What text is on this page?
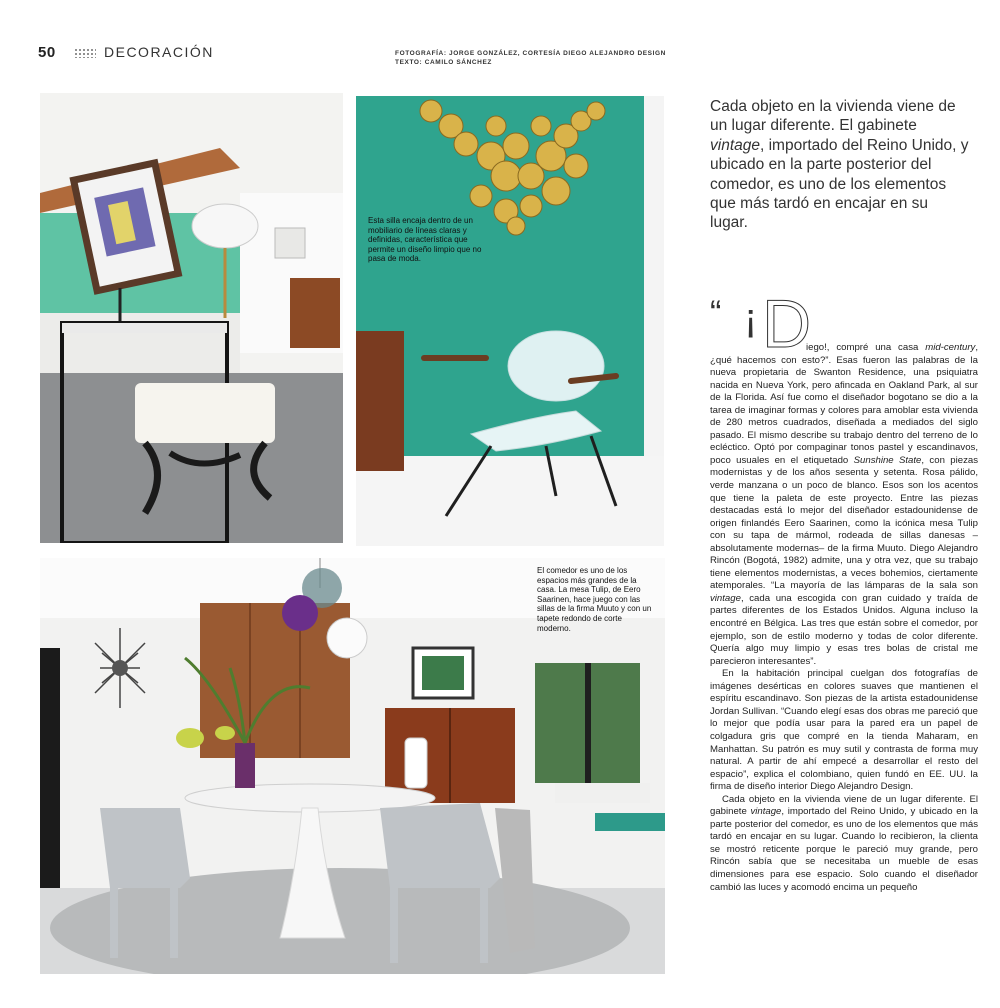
50	DECORACIÓN	FOTOGRAFÍA: JORGE GONZÁLEZ, CORTESÍA DIEGO ALEJANDRO DESIGN
TEXTO: CAMILO SÁNCHEZ
Esta silla encaja dentro de un mobiliario de líneas claras y definidas, característica que permite un diseño limpio que no pasa de moda.
El comedor es uno de los espacios más grandes de la casa. La mesa Tulip, de Eero Saarinen, hace juego con las sillas de la firma Muuto y con un tapete redondo de corte moderno.
Cada objeto en la vivienda viene de un lugar diferente. El gabinete vintage, importado del Reino Unido, y ubicado en la parte posterior del comedor, es uno de los elementos que más tardó en encajar en su lugar.
“ ¡ D

iego!, compré una casa mid-century, ¿qué hacemos con esto?”. Esas fueron las palabras de la nueva propietaria de Swanton Residence, una psiquiatra nacida en Nueva York, pero afincada en Oakland Park, al sur de la Florida. Así fue como el diseñador bogotano se dio a la tarea de imaginar formas y colores para amoblar esta vivienda de 280 metros cuadrados, diseñada a mediados del siglo pasado. El mismo describe su trabajo dentro del terreno de lo ecléctico. Optó por compaginar tonos pastel y escandinavos, poco usuales en el etiquetado Sunshine State, con piezas modernistas y de los años sesenta y setenta. Rosa pálido, verde manzana o un poco de blanco. Esos son los acentos que tiene la paleta de este proyecto. Entre las piezas destacadas está lo mejor del diseñador estadounidense de origen finlandés Eero Saarinen, como la icónica mesa Tulip con su tapa de mármol, rodeada de sillas danesas –absolutamente modernas– de la firma Muuto. Diego Alejandro Rincón (Bogotá, 1982) admite, una y otra vez, que su trabajo tiene elementos modernistas, a veces bohemios, ciertamente atemporales. “La mayoría de las lámparas de la sala son vintage, cada una escogida con gran cuidado y traída de partes diferentes de los Estados Unidos. Alguna incluso la encontré en Bélgica. Las tres que están sobre el comedor, por ejemplo, son de estilo moderno y todas de color diferente. Quería algo muy limpio y esas tres bolas de cristal me parecieron interesantes”.

En la habitación principal cuelgan dos fotografías de imágenes desérticas en colores suaves que mantienen el espíritu escandinavo. Son piezas de la artista estadounidense Jordan Sullivan. “Cuando elegí esas dos obras me pareció que lo mejor que podía usar para la pared era un papel de colgadura gris que compré en la tienda Maharam, en Manhattan. Su patrón es muy sutil y contrasta de forma muy natural. A partir de ahí empecé a desarrollar el resto del espacio”, explica el colombiano, quien fundó en EE. UU. la firma de diseño interior Diego Alejandro Design.

Cada objeto en la vivienda viene de un lugar diferente. El gabinete vintage, importado del Reino Unido, y ubicado en la parte posterior del comedor, es uno de los elementos que más tardó en encajar en su lugar. Cuando lo recibieron, la clienta se mostró reticente porque le pareció muy grande, pero Rincón sabía que se necesitaba un mueble de esas dimensiones para ese espacio. Solo cuando el diseñador cambió las luces y acomodó encima un pequeño
